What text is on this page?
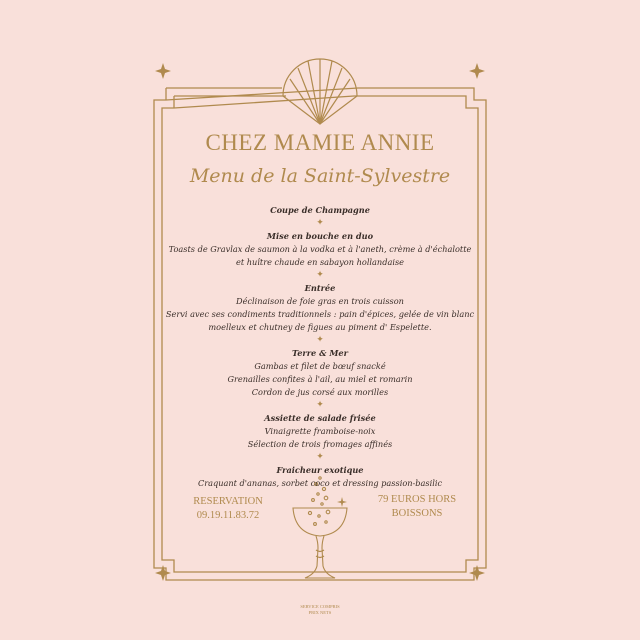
CHEZ MAMIE ANNIE
Menu de la Saint-Sylvestre
Coupe de Champagne
✦
Mise en bouche en duo
Toasts de Gravlax de saumon à la vodka et à l'aneth, crème à d'échalotte
et huître chaude en sabayon hollandaise
✦
Entrée
Déclinaison de foie gras en trois cuisson
Servi avec ses condiments traditionnels : pain d'épices, gelée de vin blanc
moelleux et chutney de figues au piment d' Espelette.
✦
Terre & Mer
Gambas et filet de bœuf snacké
Grenailles confites à l'ail, au miel et romarin
Cordon de jus corsé aux morilles
✦
Assiette de salade frisée
Vinaigrette framboise-noix
Sélection de trois fromages affinés
✦
Fraicheur exotique
Craquant d'ananas, sorbet coco et dressing passion-basilic
RESERVATION
09.19.11.83.72
79 EUROS HORS
BOISSONS
SERVICE COMPRIS
PRIX NETS
